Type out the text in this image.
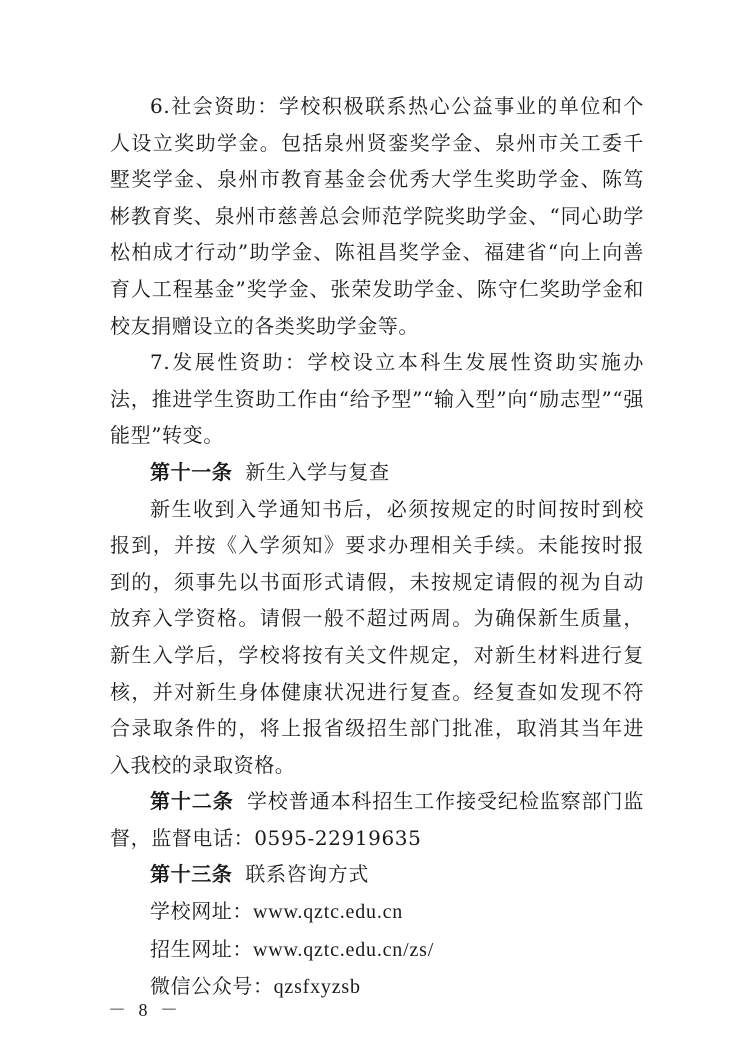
6.社会资助：学校积极联系热心公益事业的单位和个人设立奖助学金。包括泉州贤銮奖学金、泉州市关工委千墅奖学金、泉州市教育基金会优秀大学生奖助学金、陈笃彬教育奖、泉州市慈善总会师范学院奖助学金、“同心助学 松柏成才行动”助学金、陈祖昌奖学金、福建省“向上向善育人工程基金”奖学金、张荣发助学金、陈守仁奖助学金和校友捐赠设立的各类奖助学金等。

7.发展性资助：学校设立本科生发展性资助实施办法，推进学生资助工作由“给予型”“输入型”向“励志型”“强能型”转变。

第十一条 新生入学与复查

新生收到入学通知书后，必须按规定的时间按时到校报到，并按《入学须知》要求办理相关手续。未能按时报到的，须事先以书面形式请假，未按规定请假的视为自动放弃入学资格。请假一般不超过两周。为确保新生质量，新生入学后，学校将按有关文件规定，对新生材料进行复核，并对新生身体健康状况进行复查。经复查如发现不符合录取条件的，将上报省级招生部门批准，取消其当年进入我校的录取资格。

第十二条 学校普通本科招生工作接受纪检监察部门监督，监督电话：0595-22919635

第十三条 联系咨询方式

学校网址：www.qztc.edu.cn

招生网址：www.qztc.edu.cn/zs/

微信公众号：qzsfxyzsb

－ 8 －
